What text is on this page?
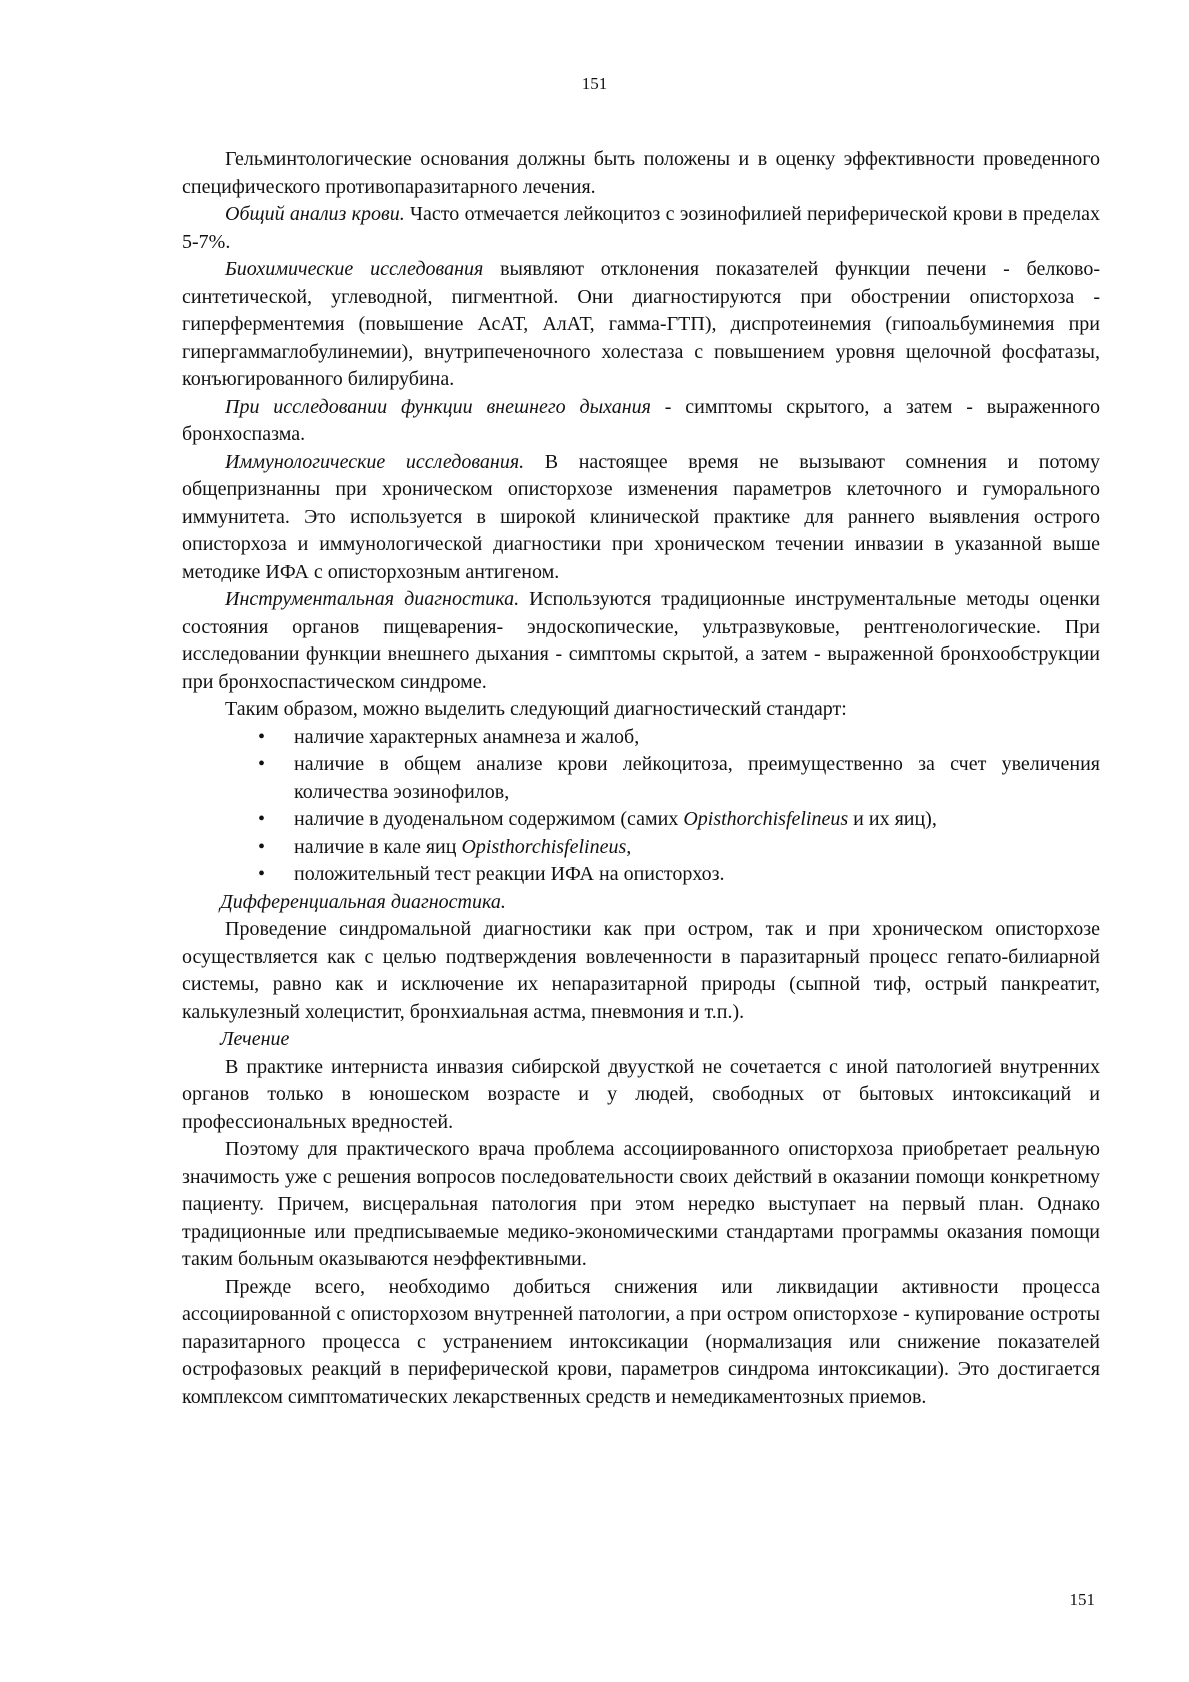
151

Гельминтологические основания должны быть положены и в оценку эффективности проведенного специфического противопаразитарного лечения.

Общий анализ крови. Часто отмечается лейкоцитоз с эозинофилией периферической крови в пределах 5-7%.

Биохимические исследования выявляют отклонения показателей функции печени - белково-синтетической, углеводной, пигментной. Они диагностируются при обострении описторхоза - гиперферментемия (повышение АсАТ, АлАТ, гамма-ГТП), диспротеинемия (гипоальбуминемия при гипергаммаглобулинемии), внутрипеченочного холестаза с повышением уровня щелочной фосфатазы, конъюгированного билирубина.

При исследовании функции внешнего дыхания - симптомы скрытого, а затем - выраженного бронхоспазма.

Иммунологические исследования. В настоящее время не вызывают сомнения и потому общепризнанны при хроническом описторхозе изменения параметров клеточного и гуморального иммунитета. Это используется в широкой клинической практике для раннего выявления острого описторхоза и иммунологической диагностики при хроническом течении инвазии в указанной выше методике ИФА с описторхозным антигеном.

Инструментальная диагностика. Используются традиционные инструментальные методы оценки состояния органов пищеварения- эндоскопические, ультразвуковые, рентгенологические. При исследовании функции внешнего дыхания - симптомы скрытой, а затем - выраженной бронхообструкции при бронхоспастическом синдроме.

Таким образом, можно выделить следующий диагностический стандарт:

• наличие характерных анамнеза и жалоб,
• наличие в общем анализе крови лейкоцитоза, преимущественно за счет увеличения количества эозинофилов,
• наличие в дуоденальном содержимом (самих Opisthorchisfelineus и их яиц),
• наличие в кале яиц Opisthorchisfelineus,
• положительный тест реакции ИФА на описторхоз.

Дифференциальная диагностика.

Проведение синдромальной диагностики как при остром, так и при хроническом описторхозе осуществляется как с целью подтверждения вовлеченности в паразитарный процесс гепато-билиарной системы, равно как и исключение их непаразитарной природы (сыпной тиф, острый панкреатит, калькулезный холецистит, бронхиальная астма, пневмония и т.п.).

Лечение

В практике интерниста инвазия сибирской двуусткой не сочетается с иной патологией внутренних органов только в юношеском возрасте и у людей, свободных от бытовых интоксикаций и профессиональных вредностей.

Поэтому для практического врача проблема ассоциированного описторхоза приобретает реальную значимость уже с решения вопросов последовательности своих действий в оказании помощи конкретному пациенту. Причем, висцеральная патология при этом нередко выступает на первый план. Однако традиционные или предписываемые медико-экономическими стандартами программы оказания помощи таким больным оказываются неэффективными.

Прежде всего, необходимо добиться снижения или ликвидации активности процесса ассоциированной с описторхозом внутренней патологии, а при остром описторхозе - купирование остроты паразитарного процесса с устранением интоксикации (нормализация или снижение показателей острофазовых реакций в периферической крови, параметров синдрома интоксикации). Это достигается комплексом симптоматических лекарственных средств и немедикаментозных приемов.

151
